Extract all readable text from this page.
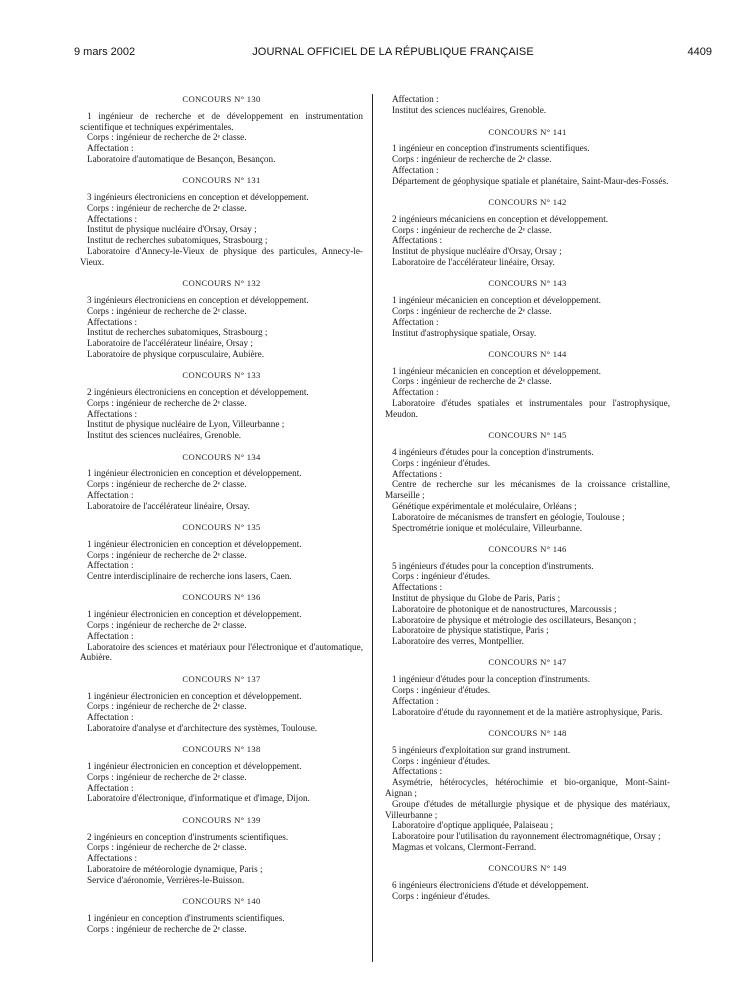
9 mars 2002	JOURNAL OFFICIEL DE LA RÉPUBLIQUE FRANÇAISE	4409
CONCOURS N° 130
1 ingénieur de recherche et de développement en instrumentation scientifique et techniques expérimentales.
Corps : ingénieur de recherche de 2ᵉ classe.
Affectation :
Laboratoire d'automatique de Besançon, Besançon.
CONCOURS N° 131
3 ingénieurs électroniciens en conception et développement.
Corps : ingénieur de recherche de 2ᵉ classe.
Affectations :
Institut de physique nucléaire d'Orsay, Orsay ;
Institut de recherches subatomiques, Strasbourg ;
Laboratoire d'Annecy-le-Vieux de physique des particules, Annecy-le-Vieux.
CONCOURS N° 132
3 ingénieurs électroniciens en conception et développement.
Corps : ingénieur de recherche de 2ᵉ classe.
Affectations :
Institut de recherches subatomiques, Strasbourg ;
Laboratoire de l'accélérateur linéaire, Orsay ;
Laboratoire de physique corpusculaire, Aubière.
CONCOURS N° 133
2 ingénieurs électroniciens en conception et développement.
Corps : ingénieur de recherche de 2ᵉ classe.
Affectations :
Institut de physique nucléaire de Lyon, Villeurbanne ;
Institut des sciences nucléaires, Grenoble.
CONCOURS N° 134
1 ingénieur électronicien en conception et développement.
Corps : ingénieur de recherche de 2ᵉ classe.
Affectation :
Laboratoire de l'accélérateur linéaire, Orsay.
CONCOURS N° 135
1 ingénieur électronicien en conception et développement.
Corps : ingénieur de recherche de 2ᵉ classe.
Affectation :
Centre interdisciplinaire de recherche ions lasers, Caen.
CONCOURS N° 136
1 ingénieur électronicien en conception et développement.
Corps : ingénieur de recherche de 2ᵉ classe.
Affectation :
Laboratoire des sciences et matériaux pour l'électronique et d'automatique, Aubière.
CONCOURS N° 137
1 ingénieur électronicien en conception et développement.
Corps : ingénieur de recherche de 2ᵉ classe.
Affectation :
Laboratoire d'analyse et d'architecture des systèmes, Toulouse.
CONCOURS N° 138
1 ingénieur électronicien en conception et développement.
Corps : ingénieur de recherche de 2ᵉ classe.
Affectation :
Laboratoire d'électronique, d'informatique et d'image, Dijon.
CONCOURS N° 139
2 ingénieurs en conception d'instruments scientifiques.
Corps : ingénieur de recherche de 2ᵉ classe.
Affectations :
Laboratoire de météorologie dynamique, Paris ;
Service d'aéronomie, Verrières-le-Buisson.
CONCOURS N° 140
1 ingénieur en conception d'instruments scientifiques.
Corps : ingénieur de recherche de 2ᵉ classe.
Affectation :
Institut des sciences nucléaires, Grenoble.
CONCOURS N° 141
1 ingénieur en conception d'instruments scientifiques.
Corps : ingénieur de recherche de 2ᵉ classe.
Affectation :
Département de géophysique spatiale et planétaire, Saint-Maur-des-Fossés.
CONCOURS N° 142
2 ingénieurs mécaniciens en conception et développement.
Corps : ingénieur de recherche de 2ᵉ classe.
Affectations :
Institut de physique nucléaire d'Orsay, Orsay ;
Laboratoire de l'accélérateur linéaire, Orsay.
CONCOURS N° 143
1 ingénieur mécanicien en conception et développement.
Corps : ingénieur de recherche de 2ᵉ classe.
Affectation :
Institut d'astrophysique spatiale, Orsay.
CONCOURS N° 144
1 ingénieur mécanicien en conception et développement.
Corps : ingénieur de recherche de 2ᵉ classe.
Affectation :
Laboratoire d'études spatiales et instrumentales pour l'astrophysique, Meudon.
CONCOURS N° 145
4 ingénieurs d'études pour la conception d'instruments.
Corps : ingénieur d'études.
Affectations :
Centre de recherche sur les mécanismes de la croissance cristalline, Marseille ;
Génétique expérimentale et moléculaire, Orléans ;
Laboratoire de mécanismes de transfert en géologie, Toulouse ;
Spectrométrie ionique et moléculaire, Villeurbanne.
CONCOURS N° 146
5 ingénieurs d'études pour la conception d'instruments.
Corps : ingénieur d'études.
Affectations :
Institut de physique du Globe de Paris, Paris ;
Laboratoire de photonique et de nanostructures, Marcoussis ;
Laboratoire de physique et métrologie des oscillateurs, Besançon ;
Laboratoire de physique statistique, Paris ;
Laboratoire des verres, Montpellier.
CONCOURS N° 147
1 ingénieur d'études pour la conception d'instruments.
Corps : ingénieur d'études.
Affectation :
Laboratoire d'étude du rayonnement et de la matière astrophysique, Paris.
CONCOURS N° 148
5 ingénieurs d'exploitation sur grand instrument.
Corps : ingénieur d'études.
Affectations :
Asymétrie, hétérocycles, hétérochimie et bio-organique, Mont-Saint-Aignan ;
Groupe d'études de métallurgie physique et de physique des matériaux, Villeurbanne ;
Laboratoire d'optique appliquée, Palaiseau ;
Laboratoire pour l'utilisation du rayonnement électromagnétique, Orsay ;
Magmas et volcans, Clermont-Ferrand.
CONCOURS N° 149
6 ingénieurs électroniciens d'étude et développement.
Corps : ingénieur d'études.
